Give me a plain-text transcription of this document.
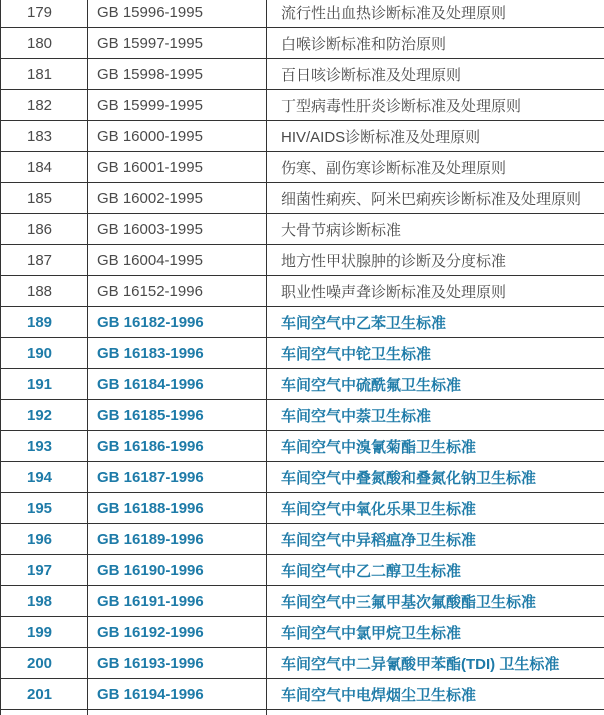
179	GB 15996-1995	流行性出血热诊断标准及处理原则
180	GB 15997-1995	白喉诊断标准和防治原则
181	GB 15998-1995	百日咳诊断标准及处理原则
182	GB 15999-1995	丁型病毒性肝炎诊断标准及处理原则
183	GB 16000-1995	HIV/AIDS诊断标准及处理原则
184	GB 16001-1995	伤寒、副伤寒诊断标准及处理原则
185	GB 16002-1995	细菌性痢疾、阿米巴痢疾诊断标准及处理原则
186	GB 16003-1995	大骨节病诊断标准
187	GB 16004-1995	地方性甲状腺肿的诊断及分度标准
188	GB 16152-1996	职业性噪声聋诊断标准及处理原则
189	GB 16182-1996	车间空气中乙苯卫生标准
190	GB 16183-1996	车间空气中铊卫生标准
191	GB 16184-1996	车间空气中硫酰氟卫生标准
192	GB 16185-1996	车间空气中萘卫生标准
193	GB 16186-1996	车间空气中溴氰菊酯卫生标准
194	GB 16187-1996	车间空气中叠氮酸和叠氮化钠卫生标准
195	GB 16188-1996	车间空气中氧化乐果卫生标准
196	GB 16189-1996	车间空气中异稻瘟净卫生标准
197	GB 16190-1996	车间空气中乙二醇卫生标准
198	GB 16191-1996	车间空气中三氟甲基次氟酸酯卫生标准
199	GB 16192-1996	车间空气中氯甲烷卫生标准
200	GB 16193-1996	车间空气中二异氰酸甲苯酯(TDI) 卫生标准
201	GB 16194-1996	车间空气中电焊烟尘卫生标准
